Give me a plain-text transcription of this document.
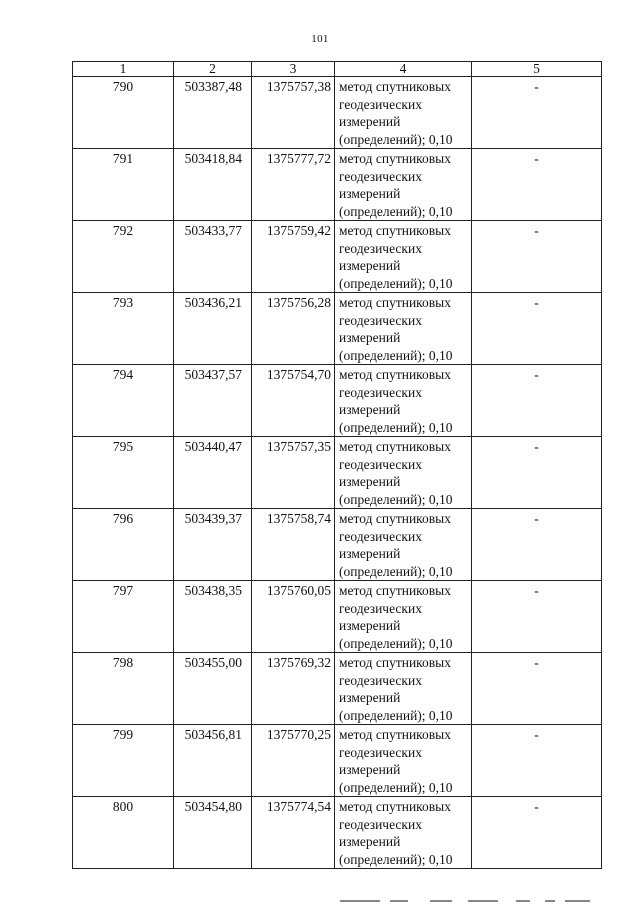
101
1	2	3	4	5
790	503387,48	1375757,38	метод спутниковых
геодезических
измерений
(определений); 0,10	-
791	503418,84	1375777,72	метод спутниковых
геодезических
измерений
(определений); 0,10	-
792	503433,77	1375759,42	метод спутниковых
геодезических
измерений
(определений); 0,10	-
793	503436,21	1375756,28	метод спутниковых
геодезических
измерений
(определений); 0,10	-
794	503437,57	1375754,70	метод спутниковых
геодезических
измерений
(определений); 0,10	-
795	503440,47	1375757,35	метод спутниковых
геодезических
измерений
(определений); 0,10	-
796	503439,37	1375758,74	метод спутниковых
геодезических
измерений
(определений); 0,10	-
797	503438,35	1375760,05	метод спутниковых
геодезических
измерений
(определений); 0,10	-
798	503455,00	1375769,32	метод спутниковых
геодезических
измерений
(определений); 0,10	-
799	503456,81	1375770,25	метод спутниковых
геодезических
измерений
(определений); 0,10	-
800	503454,80	1375774,54	метод спутниковых
геодезических
измерений
(определений); 0,10	-
